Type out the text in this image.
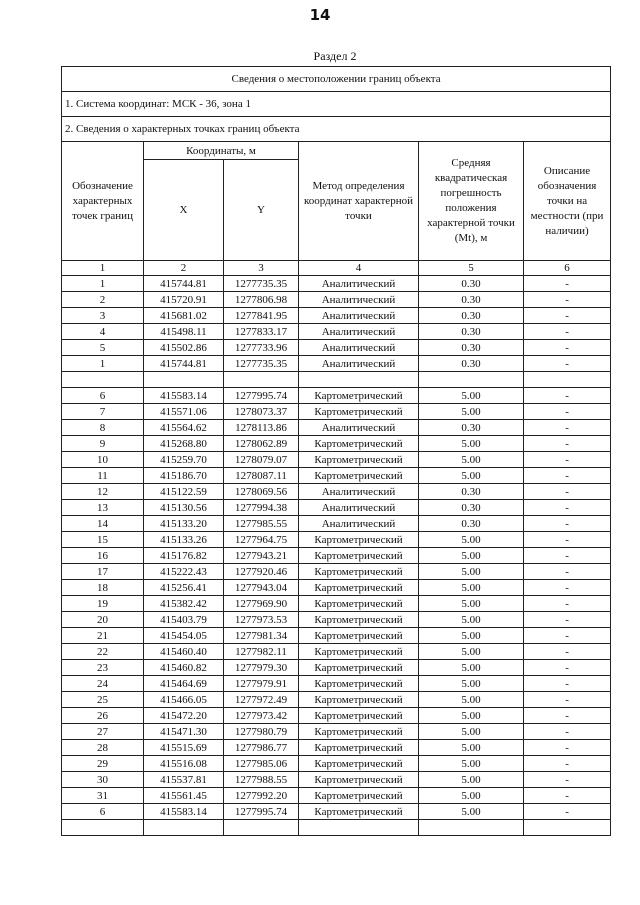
14
Раздел 2
Сведения о местоположении границ объекта					
1. Система координат: МСК - 36, зона 1					
2. Сведения о характерных точках границ объекта					
Обозначение характерных точек границ	Координаты, м		Метод определения координат характерной точки	Средняя квадратическая погрешность положения характерной точки (Mt), м	Описание обозначения точки на местности (при наличии)
	X	Y			
1	2	3	4	5	6
1	415744.81	1277735.35	Аналитический	0.30	-
2	415720.91	1277806.98	Аналитический	0.30	-
3	415681.02	1277841.95	Аналитический	0.30	-
4	415498.11	1277833.17	Аналитический	0.30	-
5	415502.86	1277733.96	Аналитический	0.30	-
1	415744.81	1277735.35	Аналитический	0.30	-

6	415583.14	1277995.74	Картометрический	5.00	-
7	415571.06	1278073.37	Картометрический	5.00	-
8	415564.62	1278113.86	Аналитический	0.30	-
9	415268.80	1278062.89	Картометрический	5.00	-
10	415259.70	1278079.07	Картометрический	5.00	-
11	415186.70	1278087.11	Картометрический	5.00	-
12	415122.59	1278069.56	Аналитический	0.30	-
13	415130.56	1277994.38	Аналитический	0.30	-
14	415133.20	1277985.55	Аналитический	0.30	-
15	415133.26	1277964.75	Картометрический	5.00	-
16	415176.82	1277943.21	Картометрический	5.00	-
17	415222.43	1277920.46	Картометрический	5.00	-
18	415256.41	1277943.04	Картометрический	5.00	-
19	415382.42	1277969.90	Картометрический	5.00	-
20	415403.79	1277973.53	Картометрический	5.00	-
21	415454.05	1277981.34	Картометрический	5.00	-
22	415460.40	1277982.11	Картометрический	5.00	-
23	415460.82	1277979.30	Картометрический	5.00	-
24	415464.69	1277979.91	Картометрический	5.00	-
25	415466.05	1277972.49	Картометрический	5.00	-
26	415472.20	1277973.42	Картометрический	5.00	-
27	415471.30	1277980.79	Картометрический	5.00	-
28	415515.69	1277986.77	Картометрический	5.00	-
29	415516.08	1277985.06	Картометрический	5.00	-
30	415537.81	1277988.55	Картометрический	5.00	-
31	415561.45	1277992.20	Картометрический	5.00	-
6	415583.14	1277995.74	Картометрический	5.00	-
